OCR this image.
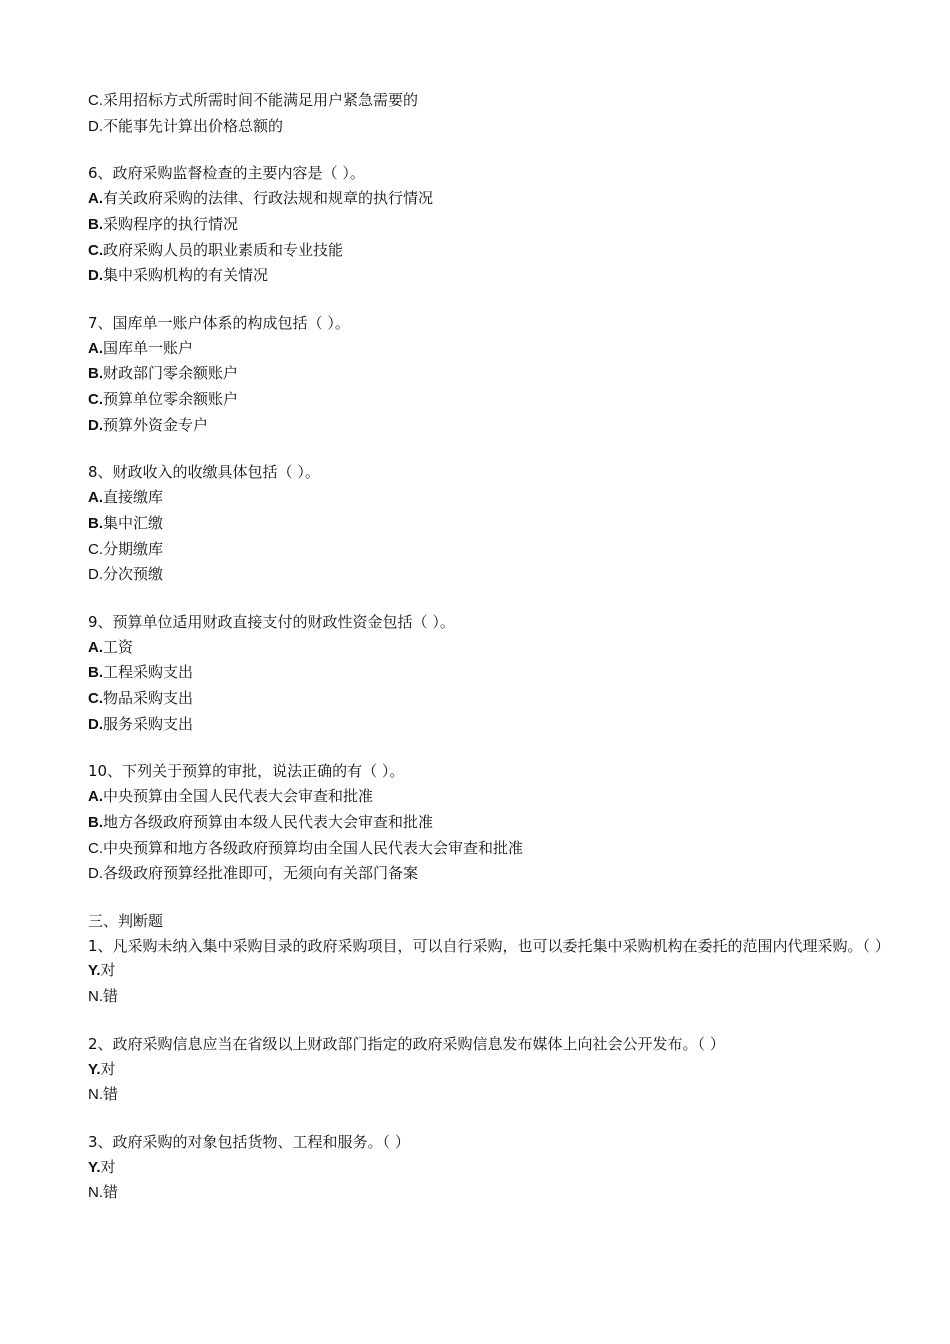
C.采用招标方式所需时间不能满足用户紧急需要的

D.不能事先计算出价格总额的

6、政府采购监督检查的主要内容是（ ）。

A.有关政府采购的法律、行政法规和规章的执行情况

B.采购程序的执行情况

C.政府采购人员的职业素质和专业技能

D.集中采购机构的有关情况

7、国库单一账户体系的构成包括（ ）。

A.国库单一账户

B.财政部门零余额账户

C.预算单位零余额账户

D.预算外资金专户

8、财政收入的收缴具体包括（ ）。

A.直接缴库

B.集中汇缴

C.分期缴库

D.分次预缴

9、预算单位适用财政直接支付的财政性资金包括（ ）。

A.工资

B.工程采购支出

C.物品采购支出

D.服务采购支出

10、下列关于预算的审批，说法正确的有（ ）。

A.中央预算由全国人民代表大会审查和批准

B.地方各级政府预算由本级人民代表大会审查和批准

C.中央预算和地方各级政府预算均由全国人民代表大会审查和批准

D.各级政府预算经批准即可，无须向有关部门备案

三、判断题

1、凡采购未纳入集中采购目录的政府采购项目，可以自行采购，也可以委托集中采购机构在委托的范围内代理采购。（ ）

Y.对

N.错

2、政府采购信息应当在省级以上财政部门指定的政府采购信息发布媒体上向社会公开发布。（ ）

Y.对

N.错

3、政府采购的对象包括货物、工程和服务。（ ）

Y.对

N.错
